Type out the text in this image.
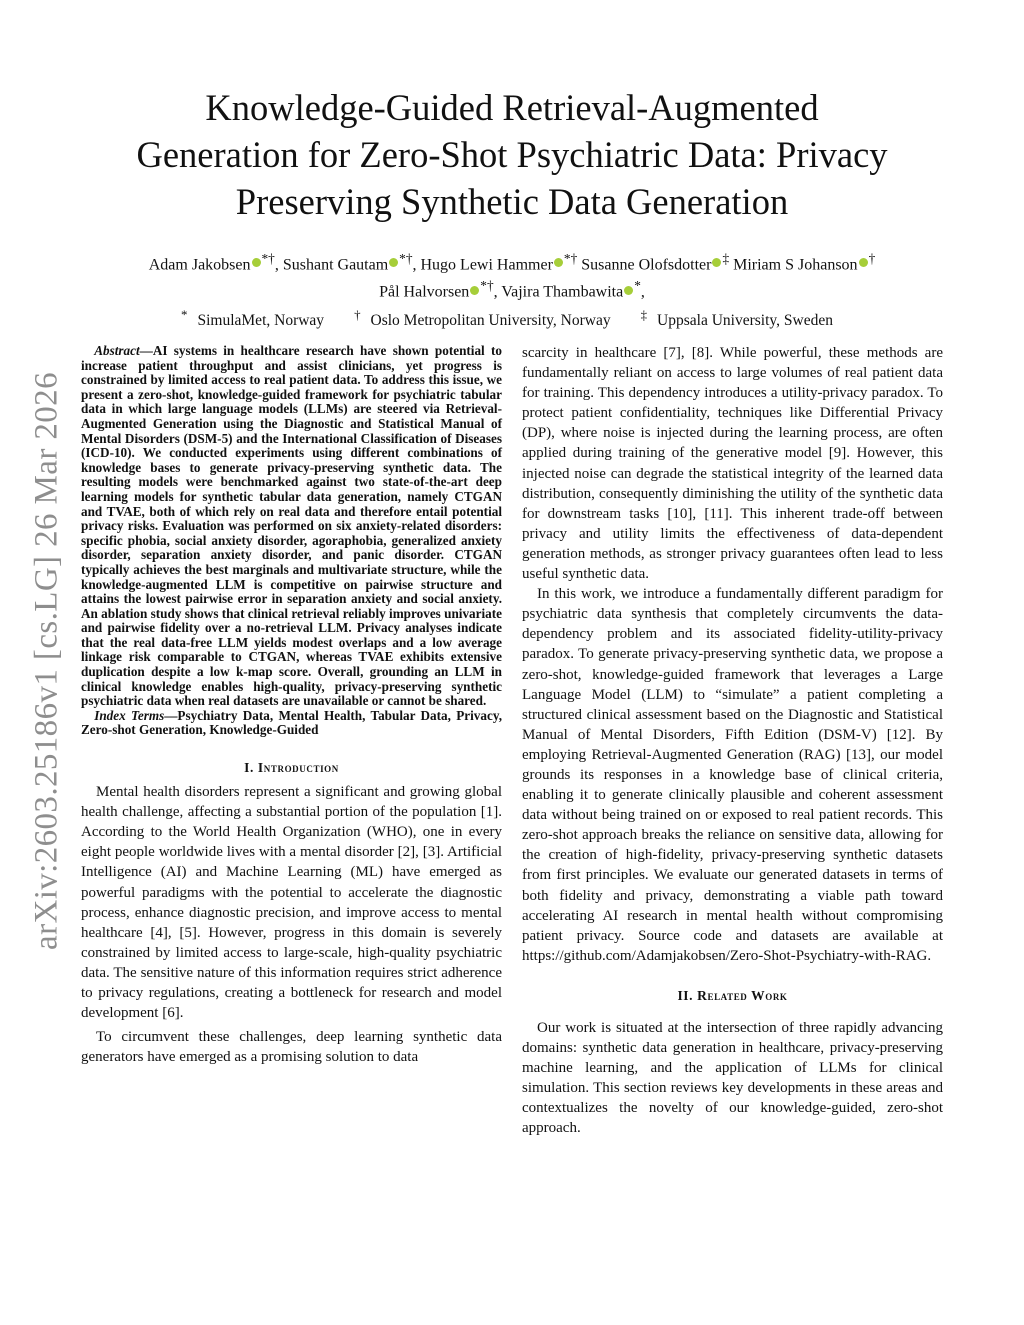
arXiv:2603.25186v1 [cs.LG] 26 Mar 2026
Knowledge-Guided Retrieval-Augmented
Generation for Zero-Shot Psychiatric Data: Privacy
Preserving Synthetic Data Generation
Adam Jakobsen *†, Sushant Gautam *†, Hugo Lewi Hammer *† Susanne Olofsdotter ‡ Miriam S Johanson †
Pål Halvorsen *†, Vajira Thambawita *,
* SimulaMet, Norway † Oslo Metropolitan University, Norway ‡ Uppsala University, Sweden

Abstract—AI systems in healthcare research have shown potential to increase patient throughput and assist clinicians, yet progress is constrained by limited access to real patient data. To address this issue, we present a zero-shot, knowledge-guided framework for psychiatric tabular data in which large language models (LLMs) are steered via Retrieval-Augmented Generation using the Diagnostic and Statistical Manual of Mental Disorders (DSM-5) and the International Classification of Diseases (ICD-10). We conducted experiments using different combinations of knowledge bases to generate privacy-preserving synthetic data. The resulting models were benchmarked against two state-of-the-art deep learning models for synthetic tabular data generation, namely CTGAN and TVAE, both of which rely on real data and therefore entail potential privacy risks. Evaluation was performed on six anxiety-related disorders: specific phobia, social anxiety disorder, agoraphobia, generalized anxiety disorder, separation anxiety disorder, and panic disorder. CTGAN typically achieves the best marginals and multivariate structure, while the knowledge-augmented LLM is competitive on pairwise structure and attains the lowest pairwise error in separation anxiety and social anxiety. An ablation study shows that clinical retrieval reliably improves univariate and pairwise fidelity over a no-retrieval LLM. Privacy analyses indicate that the real data-free LLM yields modest overlaps and a low average linkage risk comparable to CTGAN, whereas TVAE exhibits extensive duplication despite a low k-map score. Overall, grounding an LLM in clinical knowledge enables high-quality, privacy-preserving synthetic psychiatric data when real datasets are unavailable or cannot be shared.

Index Terms—Psychiatry Data, Mental Health, Tabular Data, Privacy, Zero-shot Generation, Knowledge-Guided

I. Introduction

Mental health disorders represent a significant and growing global health challenge, affecting a substantial portion of the population [1]. According to the World Health Organization (WHO), one in every eight people worldwide lives with a mental disorder [2], [3]. Artificial Intelligence (AI) and Machine Learning (ML) have emerged as powerful paradigms with the potential to accelerate the diagnostic process, enhance diagnostic precision, and improve access to mental healthcare [4], [5]. However, progress in this domain is severely constrained by limited access to large-scale, high-quality psychiatric data. The sensitive nature of this information requires strict adherence to privacy regulations, creating a bottleneck for research and model development [6].

To circumvent these challenges, deep learning synthetic data generators have emerged as a promising solution to data

scarcity in healthcare [7], [8]. While powerful, these methods are fundamentally reliant on access to large volumes of real patient data for training. This dependency introduces a utility-privacy paradox. To protect patient confidentiality, techniques like Differential Privacy (DP), where noise is injected during the learning process, are often applied during training of the generative model [9]. However, this injected noise can degrade the statistical integrity of the learned data distribution, consequently diminishing the utility of the synthetic data for downstream tasks [10], [11]. This inherent trade-off between privacy and utility limits the effectiveness of data-dependent generation methods, as stronger privacy guarantees often lead to less useful synthetic data.

In this work, we introduce a fundamentally different paradigm for psychiatric data synthesis that completely circumvents the data-dependency problem and its associated fidelity-utility-privacy paradox. To generate privacy-preserving synthetic data, we propose a zero-shot, knowledge-guided framework that leverages a Large Language Model (LLM) to “simulate” a patient completing a structured clinical assessment based on the Diagnostic and Statistical Manual of Mental Disorders, Fifth Edition (DSM-V) [12]. By employing Retrieval-Augmented Generation (RAG) [13], our model grounds its responses in a knowledge base of clinical criteria, enabling it to generate clinically plausible and coherent assessment data without being trained on or exposed to real patient records. This zero-shot approach breaks the reliance on sensitive data, allowing for the creation of high-fidelity, privacy-preserving synthetic datasets from first principles. We evaluate our generated datasets in terms of both fidelity and privacy, demonstrating a viable path toward accelerating AI research in mental health without compromising patient privacy. Source code and datasets are available at https://github.com/Adamjakobsen/Zero-Shot-Psychiatry-with-RAG.

II. Related Work

Our work is situated at the intersection of three rapidly advancing domains: synthetic data generation in healthcare, privacy-preserving machine learning, and the application of LLMs for clinical simulation. This section reviews key developments in these areas and contextualizes the novelty of our knowledge-guided, zero-shot approach.
